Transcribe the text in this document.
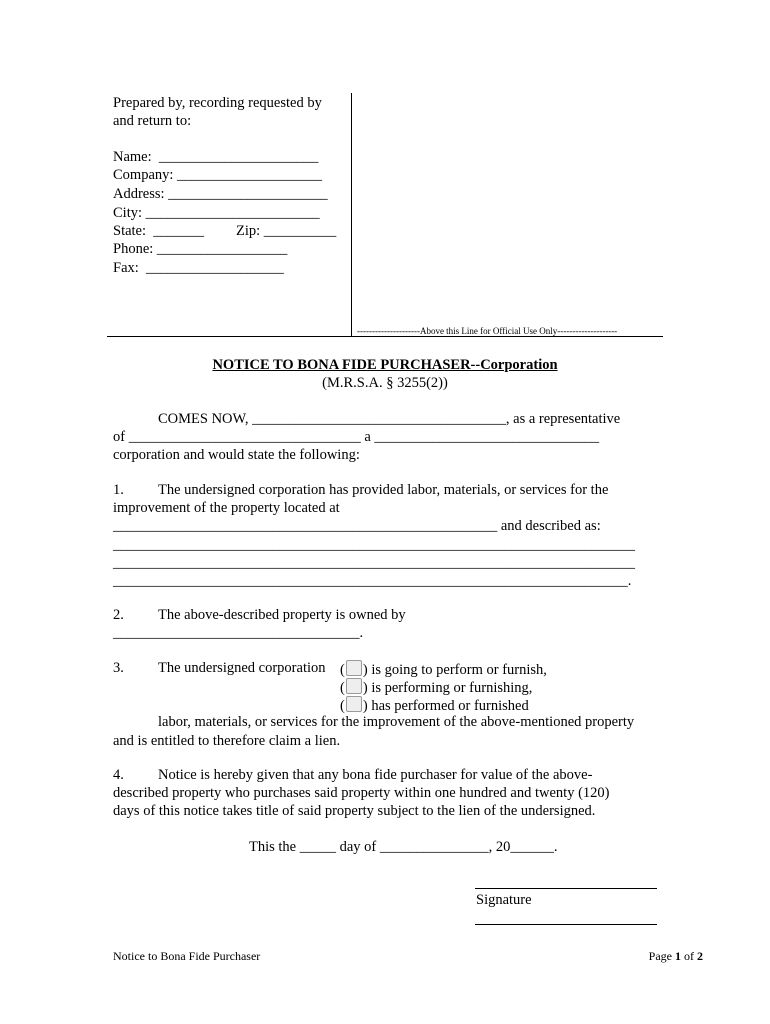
Prepared by, recording requested by
and return to:
Name:  ______________________
Company: ____________________
Address: ______________________
City: ________________________
State:  _______ Zip: __________
Phone: __________________
Fax:  ___________________
---------------------Above this Line for Official Use Only--------------------
NOTICE TO BONA FIDE PURCHASER--Corporation
(M.R.S.A. § 3255(2))
COMES NOW, ___________________________________, as a representative
of ________________________________ a _______________________________
corporation and would state the following:
1. The undersigned corporation has provided labor, materials, or services for the
improvement of the property located at
_____________________________________________________ and described as:
________________________________________________________________________
________________________________________________________________________
_______________________________________________________________________.
2. The above-described property is owned by
__________________________________.
3. The undersigned corporation ( ) is going to perform or furnish,
( ) is performing or furnishing,
( ) has performed or furnished
labor, materials, or services for the improvement of the above-mentioned property
and is entitled to therefore claim a lien.
4. Notice is hereby given that any bona fide purchaser for value of the above-
described property who purchases said property within one hundred and twenty (120)
days of this notice takes title of said property subject to the lien of the undersigned.
This the _____ day of _______________, 20______.
Signature
Notice to Bona Fide Purchaser	Page 1 of 2
